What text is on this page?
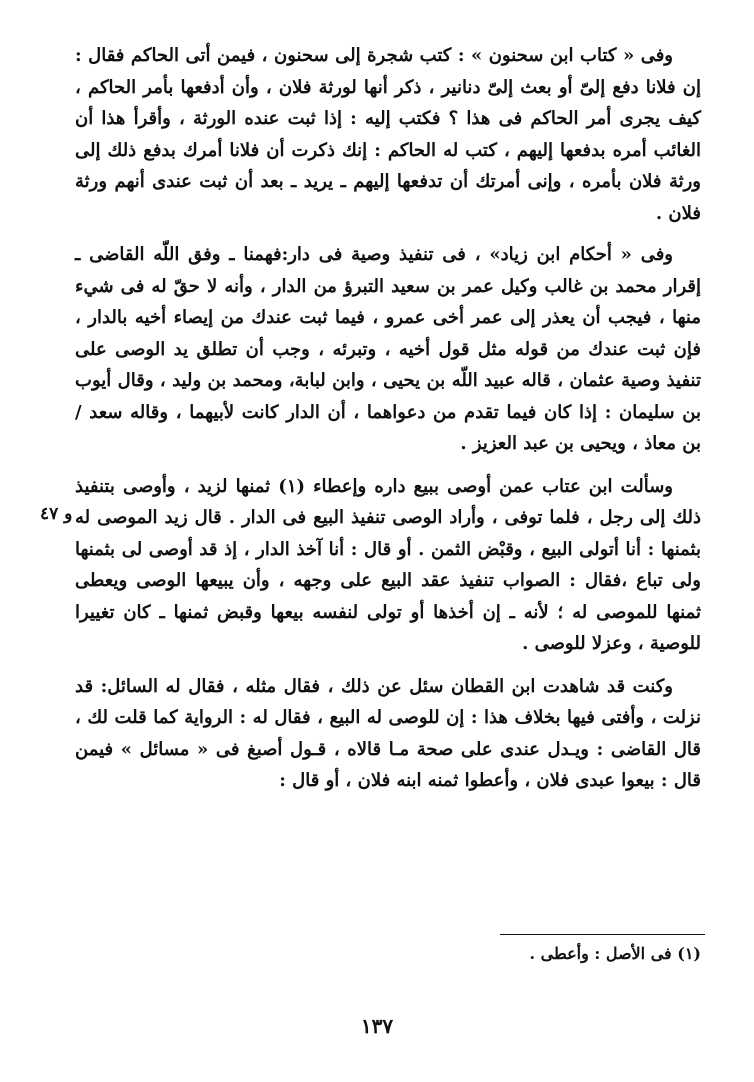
وفى « كتاب ابن سحنون » : كتب شجرة إلى سحنون ، فيمن أتى الحاكم فقال : إن فلانا دفع إلىّ أو بعث إلىّ دنانير ، ذكر أنها لورثة فلان ، وأن أدفعها بأمر الحاكم ، كيف يجرى أمر الحاكم فى هذا ؟ فكتب إليه : إذا ثبت عنده الورثة ، وأقرأ هذا أن الغائب أمره بدفعها إليهم ، كتب له الحاكم : إنك ذكرت أن فلانا أمرك بدفع ذلك إلى ورثة فلان بأمره ، وإنى أمرتك أن تدفعها إليهم ـ يريد ـ بعد أن ثبت عندى أنهم ورثة فلان .

وفى « أحكام ابن زياد» ، فى تنفيذ وصية فى دار:فهمنا ـ وفق اللّه القاضى ـ إقرار محمد بن غالب وكيل عمر بن سعيد التبرؤ من الدار ، وأنه لا حقّ له فى شيء منها ، فيجب أن يعذر إلى عمر أخى عمرو ، فيما ثبت عندك من إيصاء أخيه بالدار ، فإن ثبت عندك من قوله مثل قول أخيه ، وتبرئه ، وجب أن تطلق يد الوصى على تنفيذ وصية عثمان ، قاله عبيد اللّه بن يحيى ، وابن لبابة، ومحمد بن وليد ، وقال أيوب بن سليمان : إذا كان فيما تقدم من دعواهما ، أن الدار كانت لأبيهما ، وقاله سعد / بن معاذ ، ويحيى بن عبد العزيز .

وسألت ابن عتاب عمن أوصى ببيع داره وإعطاء (١) ثمنها لزيد ، وأوصى بتنفيذ ذلك إلى رجل ، فلما توفى ، وأراد الوصى تنفيذ البيع فى الدار . قال زيد الموصى له بثمنها : أنا أتولى البيع ، وقبْض الثمن . أو قال : أنا آخذ الدار ، إذ قد أوصى لى بثمنها ولى تباع ،فقال : الصواب تنفيذ عقد البيع على وجهه ، وأن يبيعها الوصى ويعطى ثمنها للموصى له ؛ لأنه ـ إن أخذها أو تولى لنفسه بيعها وقبض ثمنها ـ كان تغييرا للوصية ، وعزلا للوصى .

وكنت قد شاهدت ابن القطان سئل عن ذلك ، فقال مثله ، فقال له السائل: قد نزلت ، وأفتى فيها بخلاف هذا : إن للوصى له البيع ، فقال له : الرواية كما قلت لك ، قال القاضى : ويـدل عندى على صحة مـا قالاه ، قـول أصبغ فى « مسائل » فيمن قال : بيعوا عبدى فلان ، وأعطوا ثمنه ابنه فلان ، أو قال :

و ٤٧
(١) فى الأصل : وأعطى .
١٣٧
